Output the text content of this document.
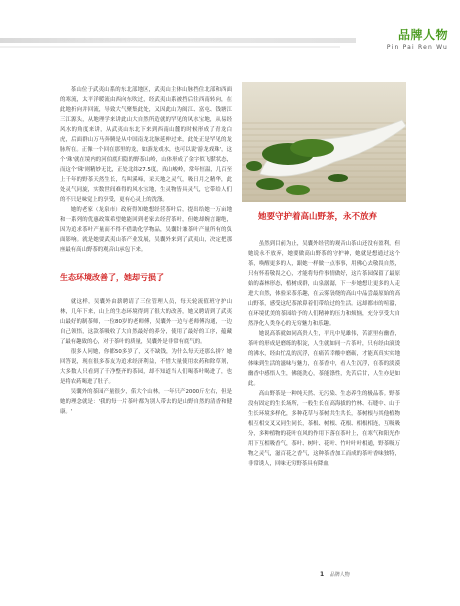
品牌人物
Pin Pai Ren Wu

茶山位于武夷山系的东北部地区，武夷山主体山脉挡住北部和西面的寒流，太平洋暖流由西向东吹过，经武夷山系被挡后往西南转向，在此地折向并回流，导致大气聚集此处，又因此山为闽江、富屯、钱塘江三江源头，从地理学来讲此山大自然所造就的罕见的风水宝地，从易经风水的角度来讲，从武夷山东北下来到西南山麓的时候形成了青龙白虎，后面群山万马奔腾是从中国南龙北脉延伸过来，此处正是罕见的龙脉所在。正像一个回在那里的龙，如游龙戏水，也可以说'游龙戏珠'，这个'珠'就在境内的河伯底归隐的野茶山岭，山体形成了金字似飞獸状态，而这个'珠'则精妙无比，正处北纬27.5度，真山峻岭，常年恒温，几百至上千年的野茶天然生长，鸟叫溪啼，采天地之灵气，吸日月之精华，此处灵气同旋，实数世间难得的风水宝地，生灵物皆具灵气，它带给人们的不只是味觉上的享受，更有心灵上的洗涤。

她的老家（龙泉市）政府得知她想经营茶叶后，提出给她一万亩地和一系列的优惠政策希望她能回到老家去经营茶叶，但她却婉言谢绝，因为追求茶叶产量而不得不借助化学物品，吴囊针兼茶叶产量所有的负面影响。就是她要武夷山茶产业发展，吴囊外来到了武夷山，决定把那座最有高山野茶的观音山承包下来。

生态环境改善了，她却亏损了

就这样，吴囊外由薪聘请了三位管理人员，每天轮流值班守护山林，几年下来，山上的生态环境得到了很大的改善，她又聘请到了武夷山最好的制茶师，一位80岁的老师傅，吴囊外一边与老师傅沟通，一边自己领悟，这款茶吸收了大自然最好的养分，使用了最好的工序，蕴藏了最有趣致的心，对于茶叶的质量，吴囊外是非常有底气的。

很多人问她，你都50多岁了，又不缺钱，为什么每天还那么拼？她回答说，现在很多茶友为追求经济利益，不惜大量使用农药和除草剂，大多数人只看到了千净整齐的茶园，却不知道当人们喝茶叶喝进了，也是将农药喝进了肚子。

吴囊外的茶园产量很少，偌大个山林，一年只产2000斤左右，但是她的理念就是：'我的每一片茶叶都为别人带去的是山野自然的清香和健康。'

她要守护着高山野茶，永不放弃

虽然到目前为止，吴囊外经营的观音山茶山还没有盈利，但她说永不放弃，她要做高山野茶的守护神，她就是想通过这个茶，唤醒更多的人，跟她一样做一点事事，用佛心去敬畏自然，只有怀着敬畏之心，才能将每件事情做好，这片茶园保留了最原始的森林形态，植树成群，山泉潺潺，下一步她想让更多的人走进大自然，体验采茶乐趣，在云雾袅绕的高山中品尝最原始的高山野茶，感受这纪茶浓鼻着们带给过的生活。远却都市的喧嚣，在环境优美的茶园给予的人们精神的压力和烦恼，充分享受大自然净化人类身心的无穷魅力和乐趣。

她说高茶就如同高贵人生，平凡中见雄伟，苦涩里有幽香，茶叶的形成是磨练的积淀，人生就如同一片茶叶，只有经由滚烫的沸水，经由忙乱的沉浮，在痛苦幸酸中磨砺，才能真真实实地体味到生活的滋味与魅力，在茶香中，看人生沉浮，在茶的淡漠幽香中感悟人生，佛能洗心，茶能涤性，先苦后甘，人生亦是如此。

高山野茶是一种纯天然、无污染、生态养生的极品茶。野茶没有固定的生长场所，一般生长在高海拔的竹林、石缝中、山于生长环境多样化，多种花草与茶树共生共长，茶树根与其他植物根互相交叉又同生同长，茶根、树根、花根、相根相连，互吸吸分，多种植物的花叶在风的作用下落在茶叶上，在寒气和阳光作用下互相吸香气，茶叶、树叶、花叶、竹叶叶叶相通，野茶吸万物之灵气，滋百花之香气，这种茶香加工而成的茶叶香味独特，非常诱人，回味无穷野茶具有降血

1 品牌人物
